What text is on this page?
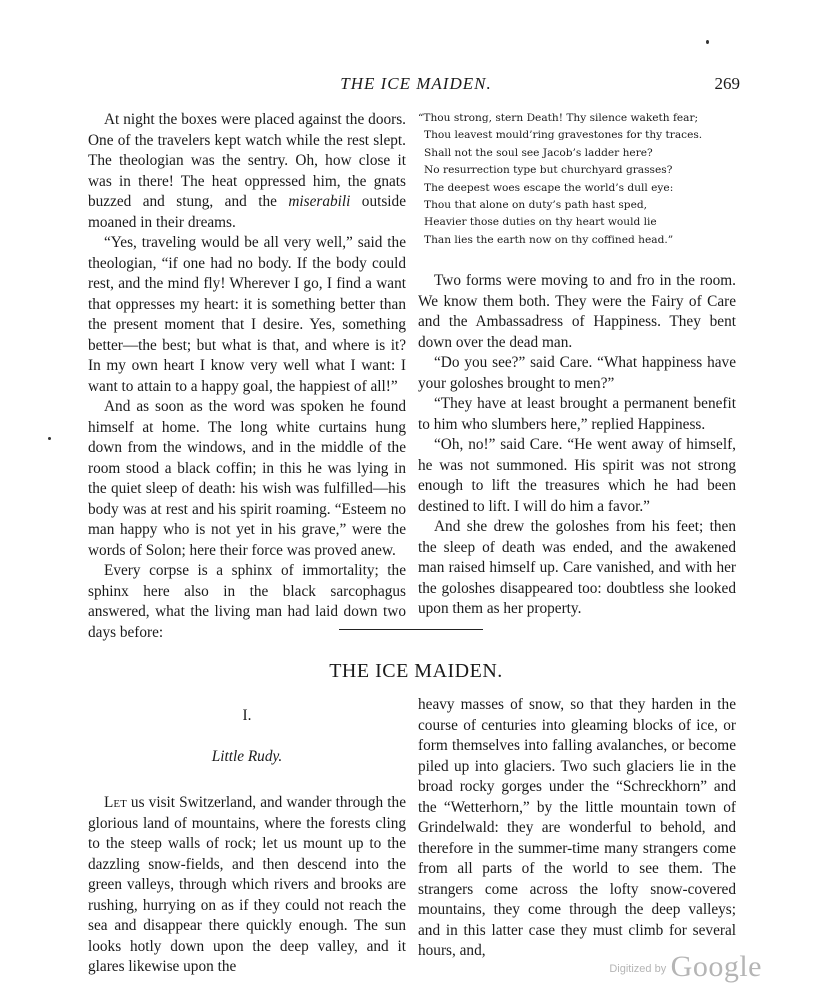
THE ICE MAIDEN.	269

At night the boxes were placed against the doors. One of the travelers kept watch while the rest slept. The theologian was the sentry. Oh, how close it was in there! The heat oppressed him, the gnats buzzed and stung, and the miserabili outside moaned in their dreams.

“Yes, traveling would be all very well,” said the theologian, “if one had no body. If the body could rest, and the mind fly! Wherever I go, I find a want that oppresses my heart: it is something better than the present moment that I desire. Yes, something better—the best; but what is that, and where is it? In my own heart I know very well what I want: I want to attain to a happy goal, the happiest of all!”

And as soon as the word was spoken he found himself at home. The long white curtains hung down from the windows, and in the middle of the room stood a black coffin; in this he was lying in the quiet sleep of death: his wish was fulfilled—his body was at rest and his spirit roaming. “Esteem no man happy who is not yet in his grave,” were the words of Solon; here their force was proved anew.

Every corpse is a sphinx of immortality; the sphinx here also in the black sarcophagus answered, what the living man had laid down two days before:

“Thou strong, stern Death! Thy silence waketh fear;
Thou leavest mould’ring gravestones for thy traces.
Shall not the soul see Jacob’s ladder here?
No resurrection type but churchyard grasses?
The deepest woes escape the world’s dull eye:
Thou that alone on duty’s path hast sped,
Heavier those duties on thy heart would lie
Than lies the earth now on thy coffined head.”

Two forms were moving to and fro in the room. We know them both. They were the Fairy of Care and the Ambassadress of Happiness. They bent down over the dead man.

“Do you see?” said Care. “What happiness have your goloshes brought to men?”

“They have at least brought a permanent benefit to him who slumbers here,” replied Happiness.

“Oh, no!” said Care. “He went away of himself, he was not summoned. His spirit was not strong enough to lift the treasures which he had been destined to lift. I will do him a favor.”

And she drew the goloshes from his feet; then the sleep of death was ended, and the awakened man raised himself up. Care vanished, and with her the goloshes disappeared too: doubtless she looked upon them as her property.

THE ICE MAIDEN.

I.

Little Rudy.

Let us visit Switzerland, and wander through the glorious land of mountains, where the forests cling to the steep walls of rock; let us mount up to the dazzling snow-fields, and then descend into the green valleys, through which rivers and brooks are rushing, hurrying on as if they could not reach the sea and disappear there quickly enough. The sun looks hotly down upon the deep valley, and it glares likewise upon the

heavy masses of snow, so that they harden in the course of centuries into gleaming blocks of ice, or form themselves into falling avalanches, or become piled up into glaciers. Two such glaciers lie in the broad rocky gorges under the “Schreckhorn” and the “Wetterhorn,” by the little mountain town of Grindelwald: they are wonderful to behold, and therefore in the summer-time many strangers come from all parts of the world to see them. The strangers come across the lofty snow-covered mountains, they come through the deep valleys; and in this latter case they must climb for several hours, and,

$^{Digitized by}$ Google
